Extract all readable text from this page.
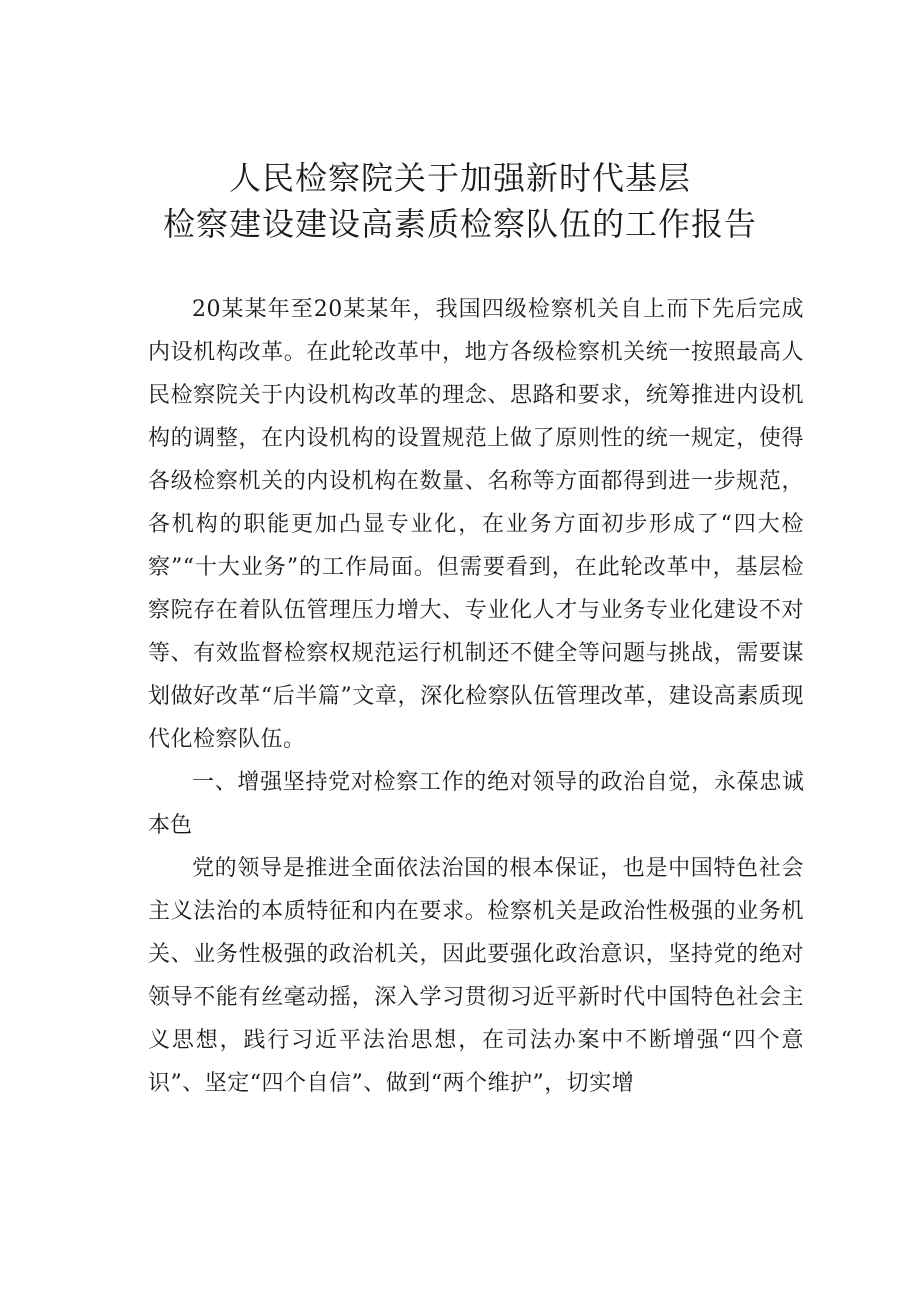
人民检察院关于加强新时代基层
检察建设建设高素质检察队伍的工作报告

20某某年至20某某年，我国四级检察机关自上而下先后完成内设机构改革。在此轮改革中，地方各级检察机关统一按照最高人民检察院关于内设机构改革的理念、思路和要求，统筹推进内设机构的调整，在内设机构的设置规范上做了原则性的统一规定，使得各级检察机关的内设机构在数量、名称等方面都得到进一步规范，各机构的职能更加凸显专业化，在业务方面初步形成了“四大检察”“十大业务”的工作局面。但需要看到，在此轮改革中，基层检察院存在着队伍管理压力增大、专业化人才与业务专业化建设不对等、有效监督检察权规范运行机制还不健全等问题与挑战，需要谋划做好改革“后半篇”文章，深化检察队伍管理改革，建设高素质现代化检察队伍。

一、增强坚持党对检察工作的绝对领导的政治自觉，永葆忠诚本色

党的领导是推进全面依法治国的根本保证，也是中国特色社会主义法治的本质特征和内在要求。检察机关是政治性极强的业务机关、业务性极强的政治机关，因此要强化政治意识，坚持党的绝对领导不能有丝毫动摇，深入学习贯彻习近平新时代中国特色社会主义思想，践行习近平法治思想，在司法办案中不断增强“四个意识”、坚定“四个自信”、做到“两个维护”，切实增
